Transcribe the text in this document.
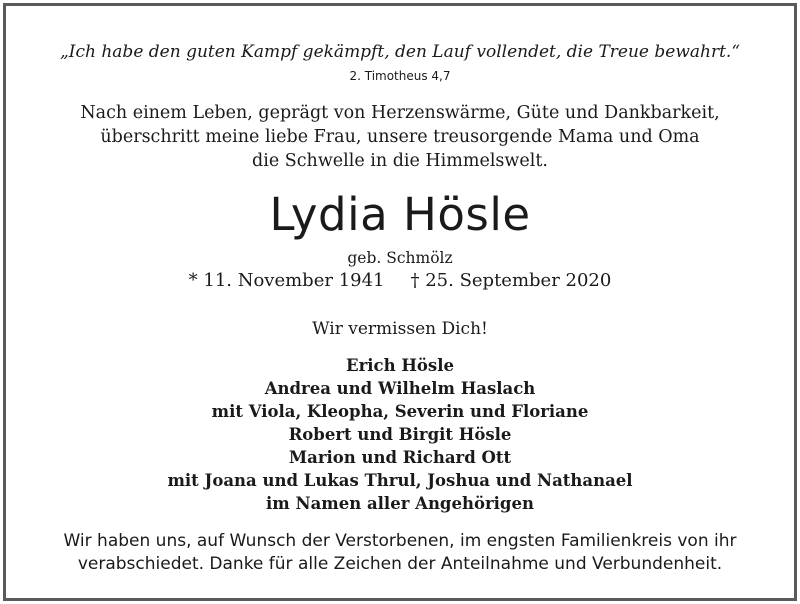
„Ich habe den guten Kampf gekämpft, den Lauf vollendet, die Treue bewahrt.“
2. Timotheus 4,7
Nach einem Leben, geprägt von Herzenswärme, Güte und Dankbarkeit,
überschritt meine liebe Frau, unsere treusorgende Mama und Oma
die Schwelle in die Himmelswelt.
Lydia Hösle
geb. Schmölz
* 11. November 1941 † 25. September 2020
Wir vermissen Dich!
Erich Hösle
Andrea und Wilhelm Haslach
mit Viola, Kleopha, Severin und Floriane
Robert und Birgit Hösle
Marion und Richard Ott
mit Joana und Lukas Thrul, Joshua und Nathanael
im Namen aller Angehörigen
Wir haben uns, auf Wunsch der Verstorbenen, im engsten Familienkreis von ihr
verabschiedet. Danke für alle Zeichen der Anteilnahme und Verbundenheit.
